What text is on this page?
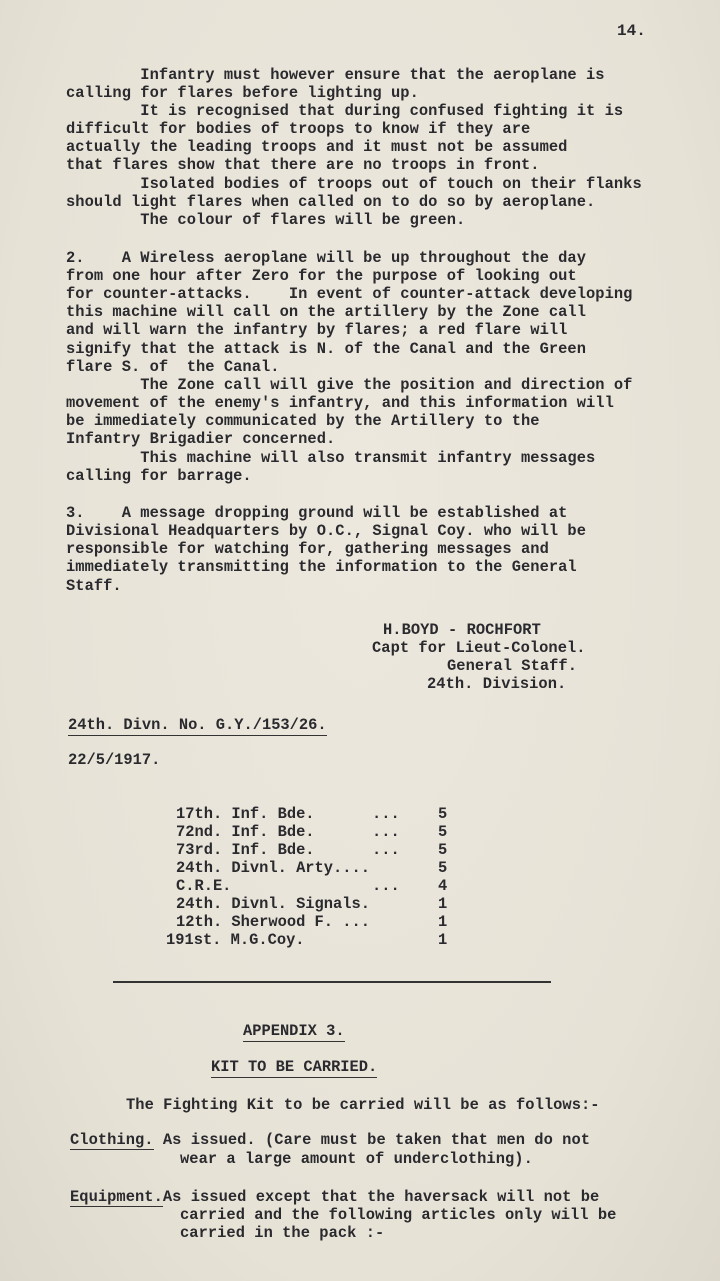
14.
Infantry must however ensure that the aeroplane is
calling for flares before lighting up.
It is recognised that during confused fighting it is
difficult for bodies of troops to know if they are
actually the leading troops and it must not be assumed
that flares show that there are no troops in front.
Isolated bodies of troops out of touch on their flanks
should light flares when called on to do so by aeroplane.
The colour of flares will be green.
2.    A Wireless aeroplane will be up throughout the day
from one hour after Zero for the purpose of looking out
for counter-attacks.    In event of counter-attack developing
this machine will call on the artillery by the Zone call
and will warn the infantry by flares; a red flare will
signify that the attack is N. of the Canal and the Green
flare S. of  the Canal.
The Zone call will give the position and direction of
movement of the enemy's infantry, and this information will
be immediately communicated by the Artillery to the
Infantry Brigadier concerned.
This machine will also transmit infantry messages
calling for barrage.
3.    A message dropping ground will be established at
Divisional Headquarters by O.C., Signal Coy. who will be
responsible for watching for, gathering messages and
immediately transmitting the information to the General
Staff.
H.BOYD - ROCHFORT
Capt for Lieut-Colonel.
General Staff.
24th. Division.
24th. Divn. No. G.Y./153/26.
22/5/1917.
17th. Inf. Bde.	... 5
72nd. Inf. Bde.	... 5
73rd. Inf. Bde.	... 5
24th. Divnl. Arty....	5
C.R.E.	... 4
24th. Divnl. Signals.	1
12th. Sherwood F. ...	1
191st. M.G.Coy.	1
APPENDIX 3.
KIT TO BE CARRIED.
The Fighting Kit to be carried will be as follows:-
Clothing. As issued. (Care must be taken that men do not
wear a large amount of underclothing).
Equipment.As issued except that the haversack will not be
carried and the following articles only will be
carried in the pack :-
